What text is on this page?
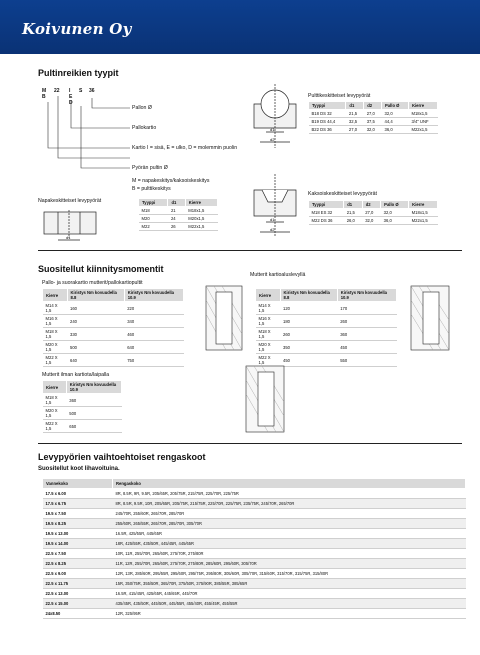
Koivunen Oy
Pultinreikien tyypit
M 22 I S 36
B	E
D
Pallon Ø
Pallokartio
Kartio I = sisä, E = ulko, D = molemmin puolin
Pyörän pultin Ø
M = napakeskitys/kaksoiskeskitys
B = pulttikeskitys
Napakeskitteiset levypyörät
d1
Tyyppi	d1	Kierre
M18	21	M18x1,5
M20	24	M20x1,5
M22	26	M22x1,5
d1
d2
Pulttikeskitteiset levypyörät
Tyyppi	d1	d2	Pallo Ø	Kierre
B18 DS 32	21,5	27,0	32,0	M18x1,5
B19 DS 44,4	32,5	37,5	44,4	3/4" UNF
B22 DS 36	27,0	32,0	36,0	M22x1,5
d1
d2
Kaksoiskeskitteiset levypyörät
Tyyppi	d1	d2	Pallo Ø	Kierre
M18 ES 32	21,5	27,0	32,0	M18x1,5
M22 DS 36	26,0	32,0	36,0	M22x1,5
Suositellut kiinnitysmomentit
Pallo- ja suorakartio mutterit/pallokartiopultit
Kierre	Kiristys Nm kovuudella 8.8	Kiristys Nm kovuudella 10.9
M14 X 1,5	160	220
M16 X 1,5	240	340
M18 X 1,5	330	460
M20 X 1,5	500	640
M22 X 1,5	640	750
Mutterit kartioaluslevyllä
Kierre	Kiristys Nm kovuudella 8.8	Kiristys Nm kovuudella 10.9
M14 X 1,5	120	170
M16 X 1,5	180	260
M18 X 1,5	260	360
M20 X 1,5	350	450
M22 X 1,5	450	550
Mutterit ilman kartiota/laipalla
Kierre	Kiristys Nm kovuudella 10.9
M18 X 1,5	360
M20 X 1,5	500
M22 X 1,5	650
Levypyörien vaihtoehtoiset rengaskoot
Suositellut koot lihavoituina.
Vannekoko	Rengaskoko
17.5 x 6.00	8R, 8.5R, 9R, 9.5R, 205/65R, 205/75R, 215/75R, 225/70R, 225/75R
17.5 x 6.75	8R, 8.5R, 9.5R, 10R, 205/65R, 205/75R, 215/75R, 225/70R, 225/75R, 235/75R, 245/70R, 265/70R
19.5 x 7.50	245/70R, 255/60R, 265/70R, 285/70R
19.5 x 8.25	255/60R, 265/55R, 265/70R, 285/70R, 305/70R
19.5 x 13.00	16.5R, 425/55R, 445/65R
19.5 x 14.00	18R, 425/55R, 435/50R, 445/45R, 445/65R
22.5 x 7.50	10R, 11R, 255/70R, 265/60R, 275/70R, 275/80R
22.5 x 8.25	11R, 12R, 255/70R, 265/60R, 275/70R, 275/80R, 285/60R, 295/60R, 305/70R
22.5 x 9.00	12R, 13R, 285/60R, 295/55R, 295/60R, 295/75R, 295/80R, 305/60R, 305/70R, 315/60R, 315/70R, 315/75R, 315/80R
22.5 x 11.75	15R, 350/75R, 355/50R, 365/70R, 375/50R, 375/90R, 385/55R, 385/65R
22.5 x 13.00	16.5R, 415/45R, 425/65R, 445/65R, 445/70R
22.5 x 15.00	435/45R, 435/50R, 445/50R, 445/55R, 455/40R, 455/45R, 455/55R
24x8.50	12R, 325/95R
